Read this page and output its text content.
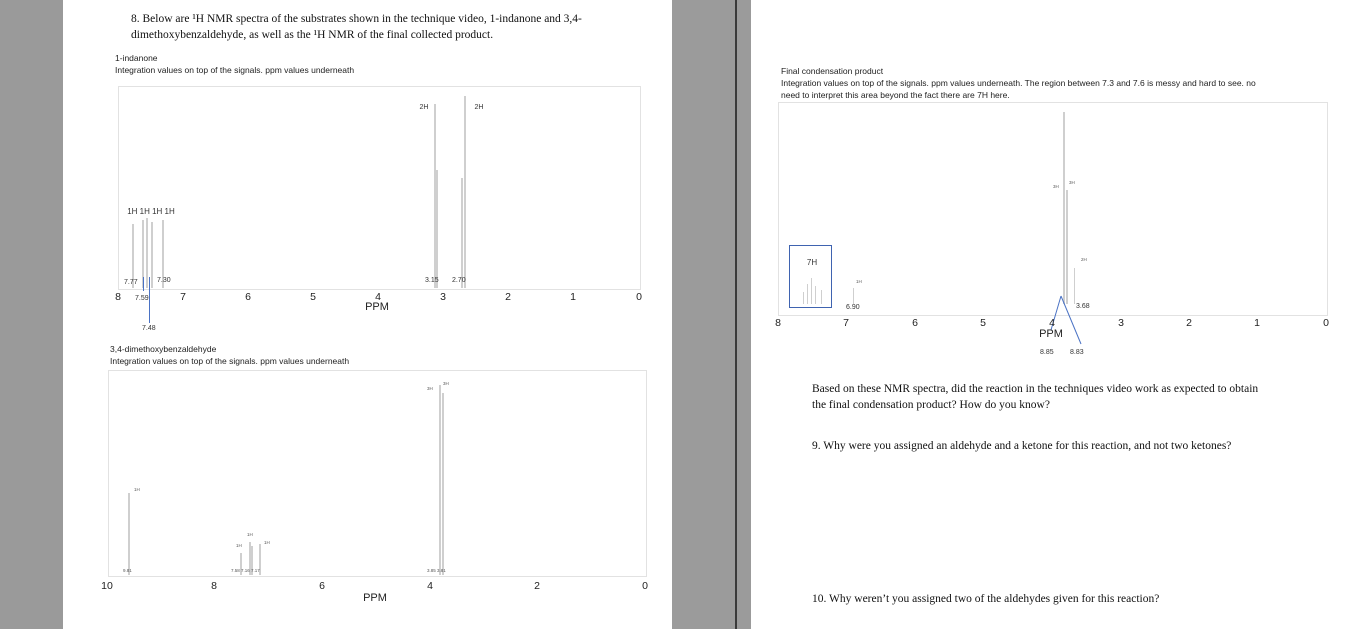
8. Below are ¹H NMR spectra of the substrates shown in the technique video, 1-indanone and 3,4-
dimethoxybenzaldehyde, as well as the ¹H NMR of the final collected product.
1-indanone
Integration values on top of the signals. ppm values underneath
2H	2H
1H 1H 1H 1H
7.77	7.30
7.59
7.48
3.15 2.70
8	7	6	5	4	3	2	1	0
PPM
3,4-dimethoxybenzaldehyde
Integration values on top of the signals. ppm values underneath
1H
1H
1H
1H
3H
3H
9.81	7.58 7.16 7.17	3.85 3.81
10	8	6	4	2	0
PPM
Final condensation product
Integration values on top of the signals. ppm values underneath. The region between 7.3 and 7.6 is messy and hard to see. no
need to interpret this area beyond the fact there are 7H here.
7H
1H
6.90
3H
3H
2H
3.68
8.85 8.83
8	7	6	5	4	3	2	1	0
PPM
Based on these NMR spectra, did the reaction in the techniques video work as expected to obtain
the final condensation product? How do you know?
9. Why were you assigned an aldehyde and a ketone for this reaction, and not two ketones?
10. Why weren’t you assigned two of the aldehydes given for this reaction?
